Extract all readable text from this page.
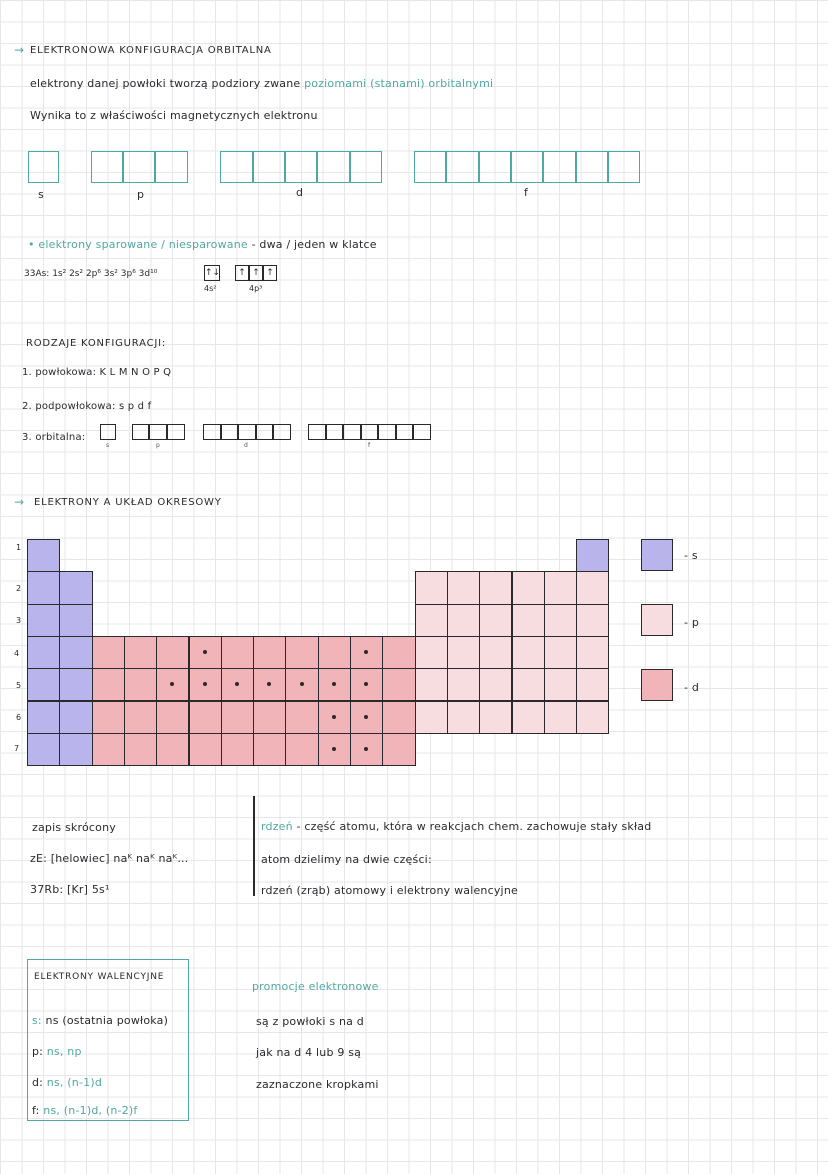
→ ELEKTRONOWA KONFIGURACJA ORBITALNA
elektrony danej powłoki tworzą podziory zwane poziomami (stanami) orbitalnymi
Wynika to z właściwości magnetycznych elektronu
s	p	d	f
• elektrony sparowane / niesparowane - dwa / jeden w klatce
33As: 1s² 2s² 2p⁶ 3s² 3p⁶ 3d¹⁰	↑↓	↑ ↑ ↑
4s²	4p³
RODZAJE KONFIGURACJI:
1. powłokowa: K L M N O P Q
2. podpowłokowa: s p d f
3. orbitalna:
s	p	d	f
→ ELEKTRONY A UKŁAD OKRESOWY
1
2
3
4
5
6
7
- s
- p
- d
zapis skrócony
zE: [helowiec] naᴷ naᴷ naᴷ...
37Rb: [Kr] 5s¹
rdzeń - część atomu, która w reakcjach chem. zachowuje stały skład
atom dzielimy na dwie części:
rdzeń (zrąb) atomowy i elektrony walencyjne
ELEKTRONY WALENCYJNE
s: ns (ostatnia powłoka)
p: ns, np
d: ns, (n-1)d
f: ns, (n-1)d, (n-2)f
promocje elektronowe
są z powłoki s na d
jak na d 4 lub 9 są
zaznaczone kropkami
